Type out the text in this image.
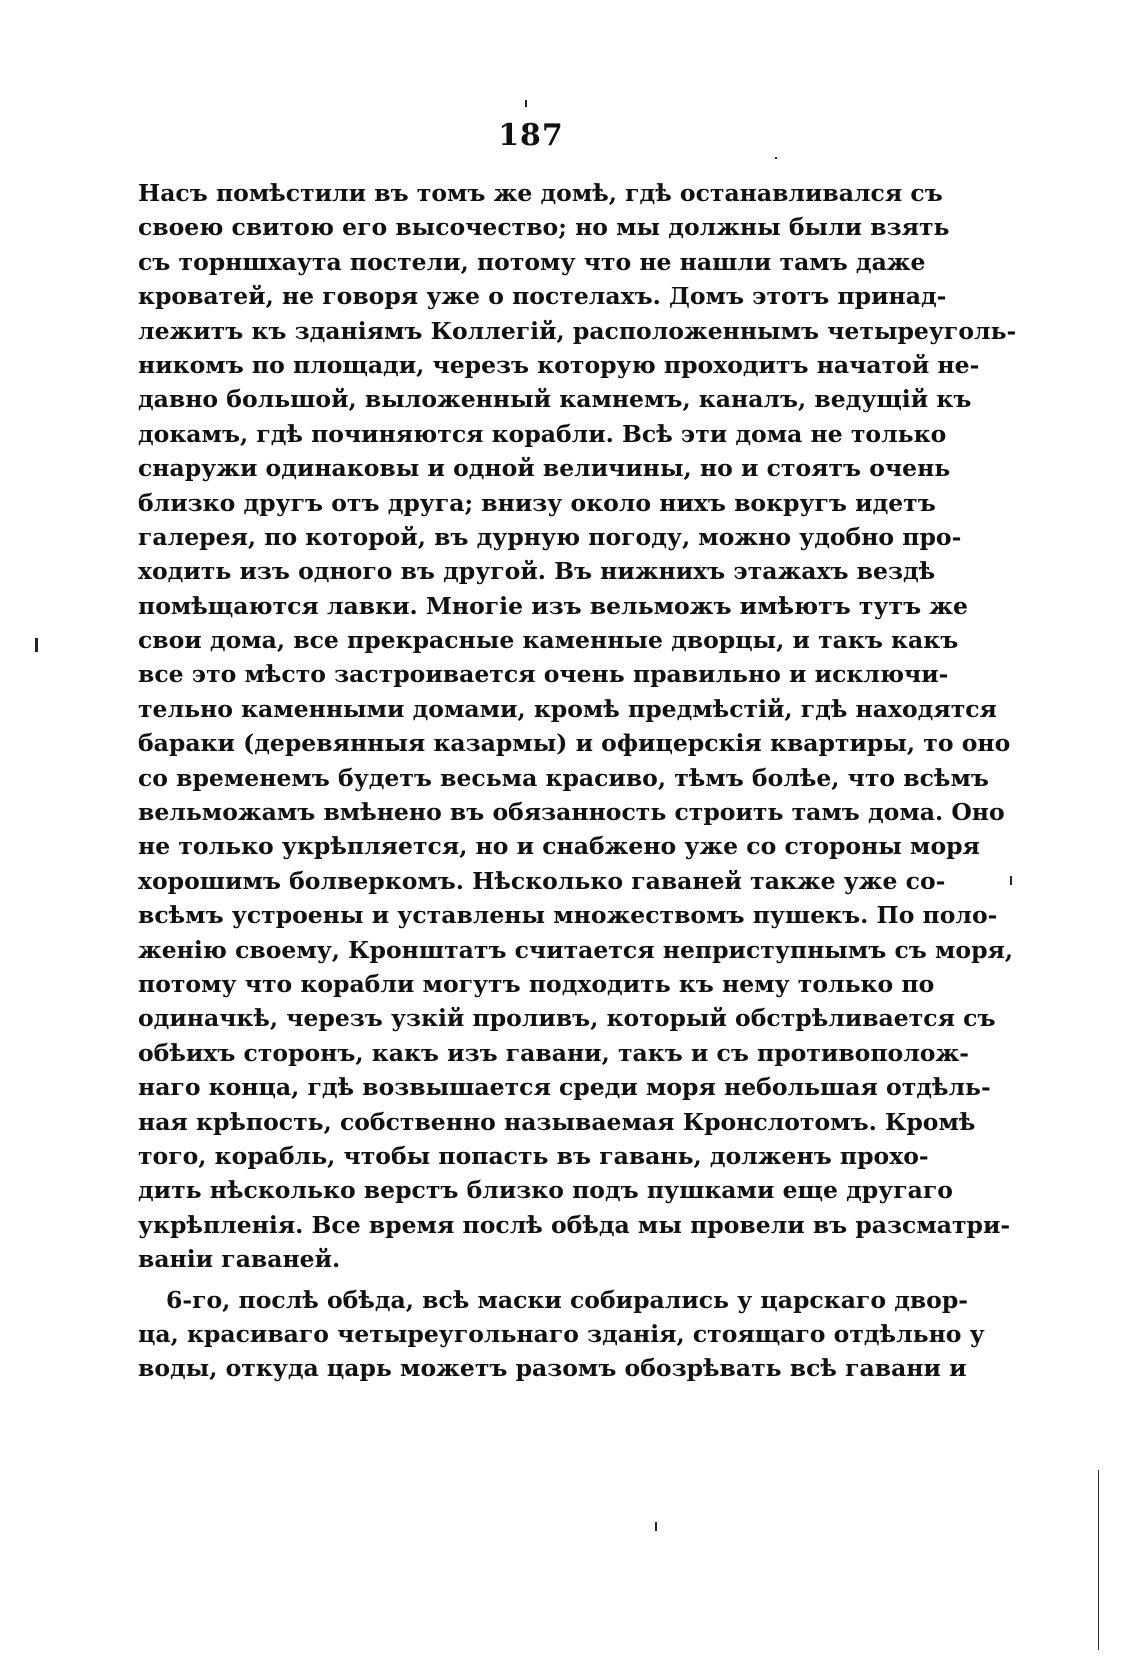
187
Насъ помѣстили въ томъ же домѣ, гдѣ останавливался съ
своею свитою его высочество; но мы должны были взять
съ торншхаута постели, потому что не нашли тамъ даже
кроватей, не говоря уже о постелахъ. Домъ этотъ принад-
лежитъ къ зданіямъ Коллегій, расположеннымъ четыреуголь-
никомъ по площади, черезъ которую проходитъ начатой не-
давно большой, выложенный камнемъ, каналъ, ведущій къ
докамъ, гдѣ починяются корабли. Всѣ эти дома не только
снаружи одинаковы и одной величины, но и стоятъ очень
близко другъ отъ друга; внизу около нихъ вокругъ идетъ
галерея, по которой, въ дурную погоду, можно удобно про-
ходить изъ одного въ другой. Въ нижнихъ этажахъ вездѣ
помѣщаются лавки. Многіе изъ вельможъ имѣютъ тутъ же
свои дома, все прекрасные каменные дворцы, и такъ какъ
все это мѣсто застроивается очень правильно и исключи-
тельно каменными домами, кромѣ предмѣстій, гдѣ находятся
бараки (деревянныя казармы) и офицерскія квартиры, то оно
со временемъ будетъ весьма красиво, тѣмъ болѣе, что всѣмъ
вельможамъ вмѣнено въ обязанность строить тамъ дома. Оно
не только укрѣпляется, но и снабжено уже со стороны моря
хорошимъ болверкомъ. Нѣсколько гаваней также уже со-
всѣмъ устроены и уставлены множествомъ пушекъ. По поло-
женію своему, Кронштатъ считается неприступнымъ съ моря,
потому что корабли могутъ подходить къ нему только по
одиначкѣ, черезъ узкій проливъ, который обстрѣливается съ
обѣихъ сторонъ, какъ изъ гавани, такъ и съ противополож-
наго конца, гдѣ возвышается среди моря небольшая отдѣль-
ная крѣпость, собственно называемая Кронслотомъ. Кромѣ
того, корабль, чтобы попасть въ гавань, долженъ прохо-
дить нѣсколько верстъ близко подъ пушками еще другаго
укрѣпленія. Все время послѣ обѣда мы провели въ разсматри-
ваніи гаваней.
6-го, послѣ обѣда, всѣ маски собирались у царскаго двор-
ца, красиваго четыреугольнаго зданія, стоящаго отдѣльно у
воды, откуда царь можетъ разомъ обозрѣвать всѣ гавани и
